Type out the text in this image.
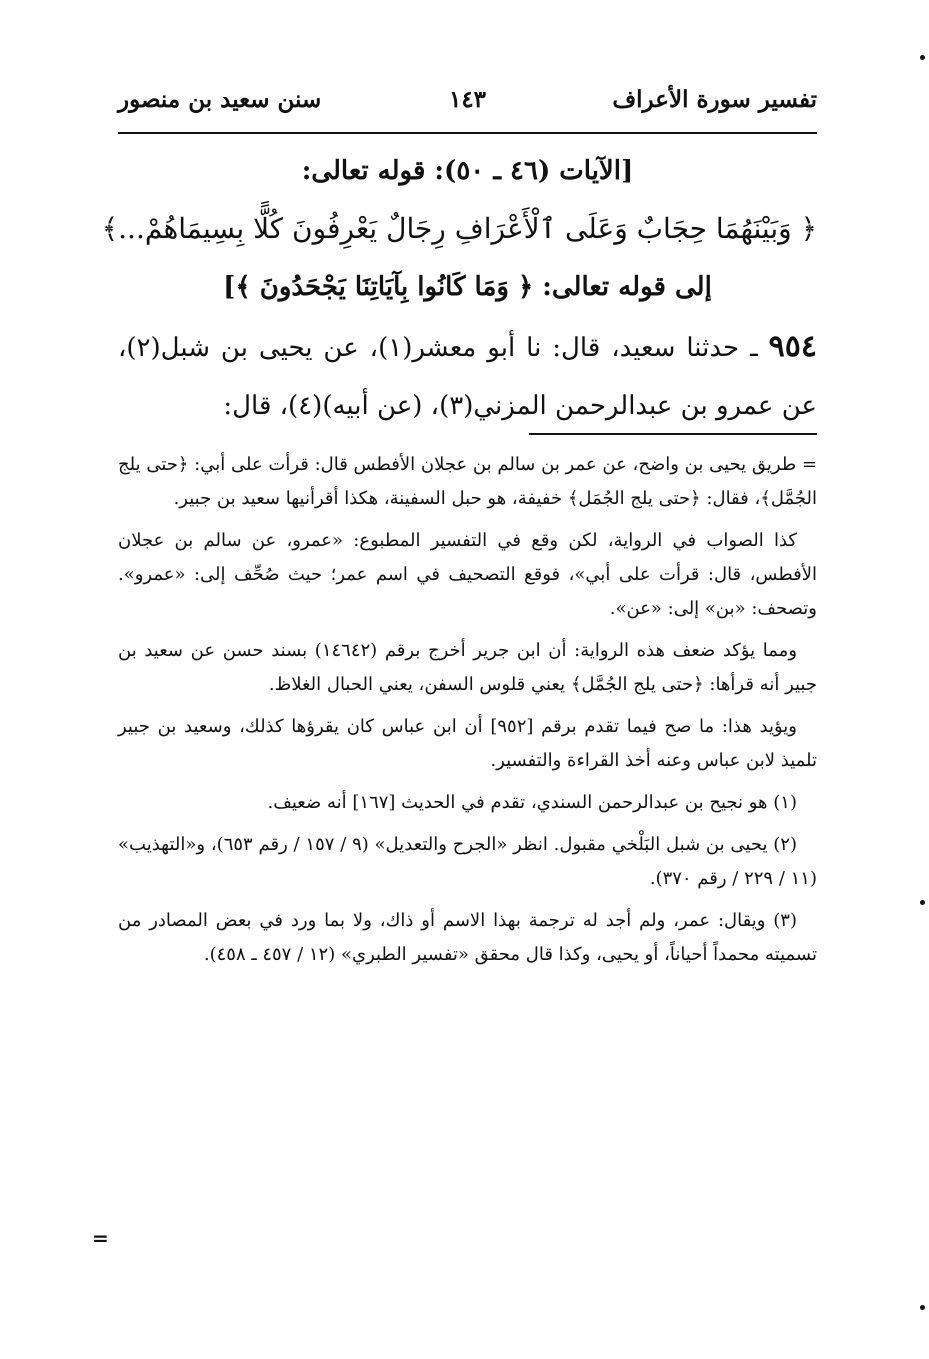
تفسير سورة الأعراف
١٤٣
سنن سعيد بن منصور
[الآيات (٤٦ ـ ٥٠): قوله تعالى:
﴿ وَبَيْنَهُمَا حِجَابٌ وَعَلَى ٱلْأَعْرَافِ رِجَالٌ يَعْرِفُونَ كُلًّا بِسِيمَاهُمْ...﴾
إلى قوله تعالى: ﴿ وَمَا كَانُوا بِآيَاتِنَا يَجْحَدُونَ ﴾]

٩٥٤ ـ حدثنا سعيد، قال: نا أبو معشر(١)، عن يحيى بن شبل(٢)، عن عمرو بن عبدالرحمن المزني(٣)، (عن أبيه)(٤)، قال:

= طريق يحيى بن واضح، عن عمر بن سالم بن عجلان الأفطس قال: قرأت على أبي: ﴿حتى يلج الجُمَّل﴾، فقال: ﴿حتى يلج الجُمَل﴾ خفيفة، هو حبل السفينة، هكذا أقرأنيها سعيد بن جبير.

كذا الصواب في الرواية، لكن وقع في التفسير المطبوع: «عمرو، عن سالم بن عجلان الأفطس، قال: قرأت على أبي»، فوقع التصحيف في اسم عمر؛ حيث صُحِّف إلى: «عمرو». وتصحف: «بن» إلى: «عن».

ومما يؤكد ضعف هذه الرواية: أن ابن جرير أخرج برقم (١٤٦٤٢) بسند حسن عن سعيد بن جبير أنه قرأها: ﴿حتى يلج الجُمَّل﴾ يعني قلوس السفن، يعني الحبال الغلاظ.

ويؤيد هذا: ما صح فيما تقدم برقم [٩٥٢] أن ابن عباس كان يقرؤها كذلك، وسعيد بن جبير تلميذ لابن عباس وعنه أخذ القراءة والتفسير.

(١) هو نجيح بن عبدالرحمن السندي، تقدم في الحديث [١٦٧] أنه ضعيف.

(٢) يحيى بن شبل البَلْخي مقبول. انظر «الجرح والتعديل» (٩ / ١٥٧ / رقم ٦٥٣)، و«التهذيب» (١١ / ٢٢٩ / رقم ٣٧٠).

(٣) ويقال: عمر، ولم أجد له ترجمة بهذا الاسم أو ذاك، ولا بما ورد في بعض المصادر من تسميته محمداً أحياناً، أو يحيى، وكذا قال محقق «تفسير الطبري» (١٢ / ٤٥٧ ـ ٤٥٨).

=
